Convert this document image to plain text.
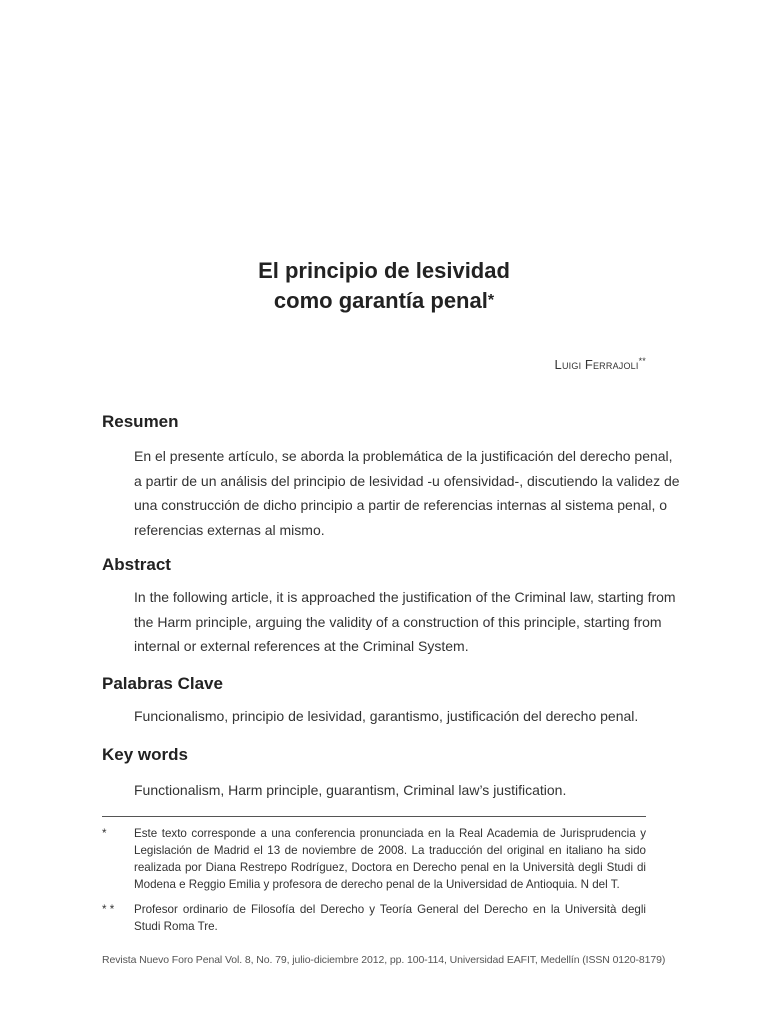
El principio de lesividad
como garantía penal*
Luigi Ferrajoli**
Resumen
En el presente artículo, se aborda la problemática de la justificación del derecho penal,
a partir de un análisis del principio de lesividad -u ofensividad-, discutiendo la validez de
una construcción de dicho principio a partir de referencias internas al sistema penal, o
referencias externas al mismo.
Abstract
In the following article, it is approached the justification of the Criminal law, starting from
the Harm principle, arguing the validity of a construction of this principle, starting from
internal or external references at the Criminal System.
Palabras Clave
Funcionalismo, principio de lesividad, garantismo, justificación del derecho penal.
Key words
Functionalism, Harm principle, guarantism, Criminal law’s justification.
*	Este texto corresponde a una conferencia pronunciada en la Real Academia de Jurisprudencia y Legislación de Madrid el 13 de noviembre de 2008. La traducción del original en italiano ha sido realizada por Diana Restrepo Rodríguez, Doctora en Derecho penal en la Università degli Studi di Modena e Reggio Emilia y profesora de derecho penal de la Universidad de Antioquia. N del T.
* *	Profesor ordinario de Filosofía del Derecho y Teoría General del Derecho en la Università degli Studi Roma Tre.
Revista Nuevo Foro Penal Vol. 8, No. 79, julio-diciembre 2012, pp. 100-114, Universidad EAFIT, Medellín (ISSN 0120-8179)
